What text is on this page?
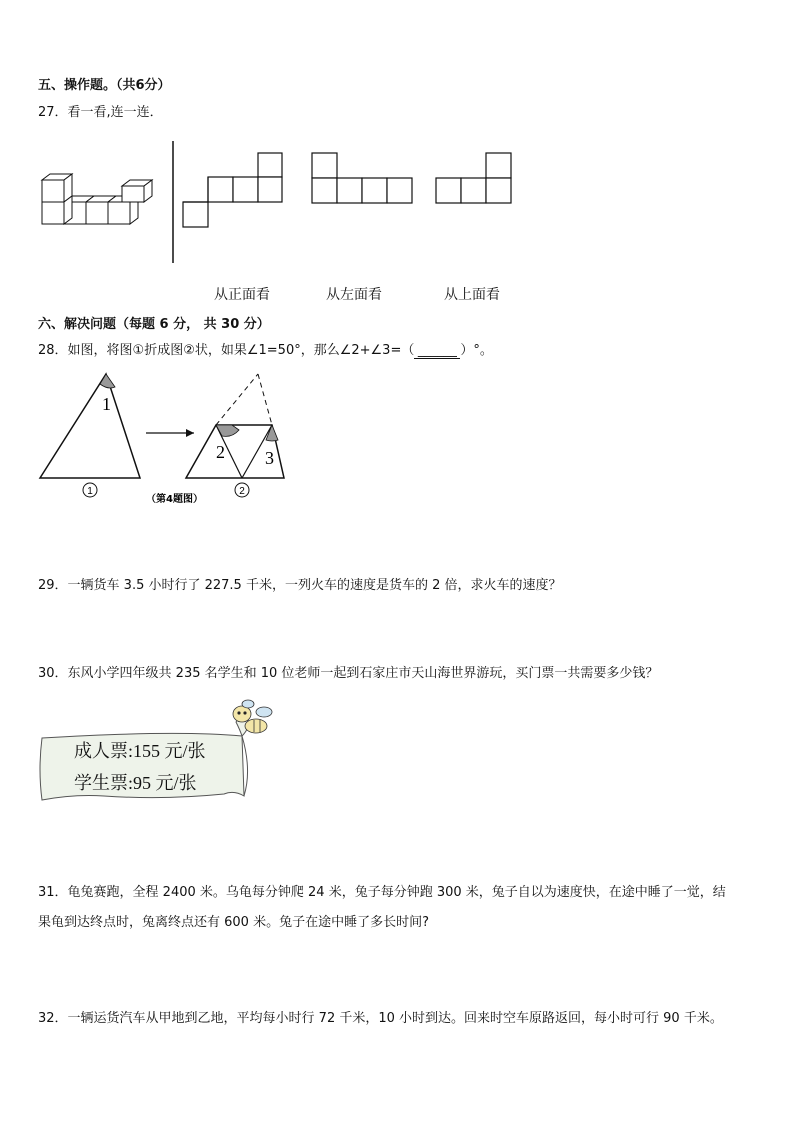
五、操作题。（共6分）
27．看一看,连一连．
从正面看	从左面看	从上面看
六、解决问题（每题 6 分， 共 30 分）
28．如图，将图①折成图②状，如果∠1=50°，那么∠2+∠3=（ ______ ）°。
1
1
2 3
2
（第4题图）
29．一辆货车 3.5 小时行了 227.5 千米，一列火车的速度是货车的 2 倍，求火车的速度？
30．东风小学四年级共 235 名学生和 10 位老师一起到石家庄市天山海世界游玩，买门票一共需要多少钱？
成人票:155 元/张
学生票:95 元/张
31．龟兔赛跑，全程 2400 米。乌龟每分钟爬 24 米，兔子每分钟跑 300 米，兔子自以为速度快，在途中睡了一觉，结
果龟到达终点时，兔离终点还有 600 米。兔子在途中睡了多长时间?
32．一辆运货汽车从甲地到乙地，平均每小时行 72 千米，10 小时到达。回来时空车原路返回，每小时可行 90 千米。
